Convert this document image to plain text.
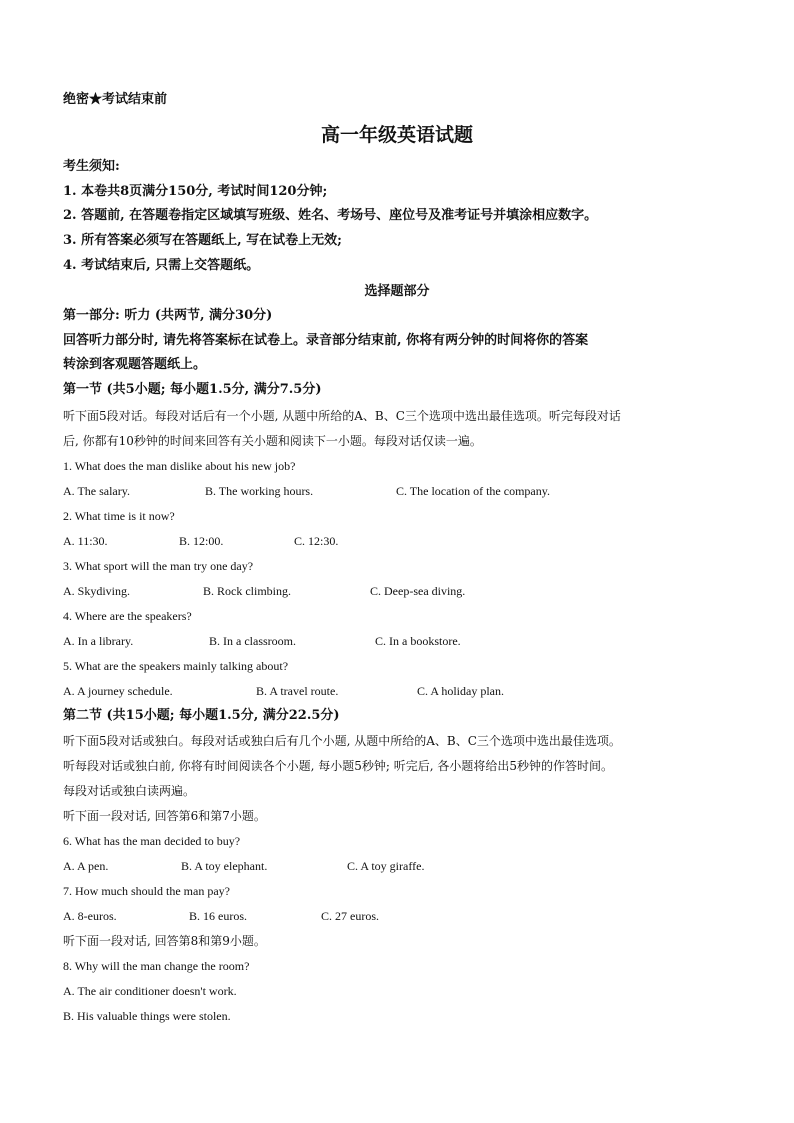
绝密★考试结束前
高一年级英语试题
考生须知:
1. 本卷共8页满分150分, 考试时间120分钟;
2. 答题前, 在答题卷指定区域填写班级、姓名、考场号、座位号及准考证号并填涂相应数字。
3. 所有答案必须写在答题纸上, 写在试卷上无效;
4. 考试结束后, 只需上交答题纸。
选择题部分
第一部分: 听力 (共两节, 满分30分)
回答听力部分时, 请先将答案标在试卷上。录音部分结束前, 你将有两分钟的时间将你的答案
转涂到客观题答题纸上。
第一节 (共5小题; 每小题1.5分, 满分7.5分)
听下面5段对话。每段对话后有一个小题, 从题中所给的A、B、C三个选项中选出最佳选项。听完每段对话
后, 你都有10秒钟的时间来回答有关小题和阅读下一小题。每段对话仅读一遍。
1. What does the man dislike about his new job?
A. The salary.	B. The working hours.	C. The location of the company.
2. What time is it now?
A. 11:30.	B. 12:00.	C. 12:30.
3. What sport will the man try one day?
A. Skydiving.	B. Rock climbing.	C. Deep-sea diving.
4. Where are the speakers?
A. In a library.	B. In a classroom.	C. In a bookstore.
5. What are the speakers mainly talking about?
A. A journey schedule.	B. A travel route.	C. A holiday plan.
第二节 (共15小题; 每小题1.5分, 满分22.5分)
听下面5段对话或独白。每段对话或独白后有几个小题, 从题中所给的A、B、C三个选项中选出最佳选项。
听每段对话或独白前, 你将有时间阅读各个小题, 每小题5秒钟; 听完后, 各小题将给出5秒钟的作答时间。
每段对话或独白读两遍。
听下面一段对话, 回答第6和第7小题。
6. What has the man decided to buy?
A. A pen.	B. A toy elephant.	C. A toy giraffe.
7. How much should the man pay?
A. 8-euros.	B. 16 euros.	C. 27 euros.
听下面一段对话, 回答第8和第9小题。
8. Why will the man change the room?
A. The air conditioner doesn't work.
B. His valuable things were stolen.
